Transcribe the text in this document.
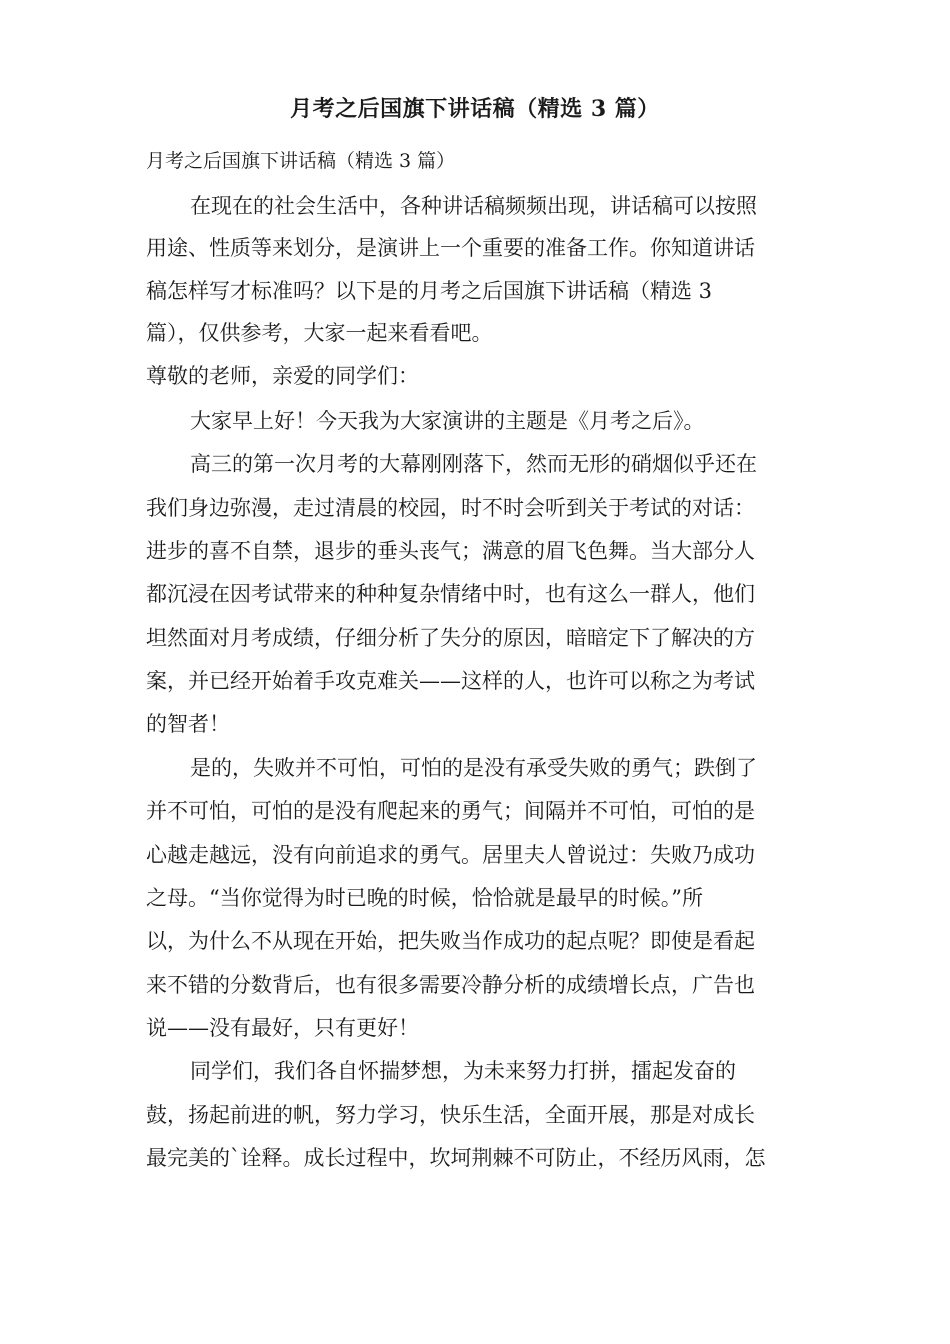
月考之后国旗下讲话稿（精选 3 篇）

月考之后国旗下讲话稿（精选 3 篇）

在现在的社会生活中，各种讲话稿频频出现，讲话稿可以按照

用途、性质等来划分，是演讲上一个重要的准备工作。你知道讲话

稿怎样写才标准吗？以下是的月考之后国旗下讲话稿（精选 3

篇），仅供参考，大家一起来看看吧。

尊敬的老师，亲爱的同学们：

大家早上好！今天我为大家演讲的主题是《月考之后》。

高三的第一次月考的大幕刚刚落下，然而无形的硝烟似乎还在

我们身边弥漫，走过清晨的校园，时不时会听到关于考试的对话：

进步的喜不自禁，退步的垂头丧气；满意的眉飞色舞。当大部分人

都沉浸在因考试带来的种种复杂情绪中时，也有这么一群人，他们

坦然面对月考成绩，仔细分析了失分的原因，暗暗定下了解决的方

案，并已经开始着手攻克难关——这样的人，也许可以称之为考试

的智者！

是的，失败并不可怕，可怕的是没有承受失败的勇气；跌倒了

并不可怕，可怕的是没有爬起来的勇气；间隔并不可怕，可怕的是

心越走越远，没有向前追求的勇气。居里夫人曾说过：失败乃成功

之母。“当你觉得为时已晚的时候，恰恰就是最早的时候。”所

以，为什么不从现在开始，把失败当作成功的起点呢？即使是看起

来不错的分数背后，也有很多需要冷静分析的成绩增长点，广告也

说——没有最好，只有更好！

同学们，我们各自怀揣梦想，为未来努力打拼，擂起发奋的

鼓，扬起前进的帆，努力学习，快乐生活，全面开展，那是对成长

最完美的`诠释。成长过程中，坎坷荆棘不可防止，不经历风雨，怎
